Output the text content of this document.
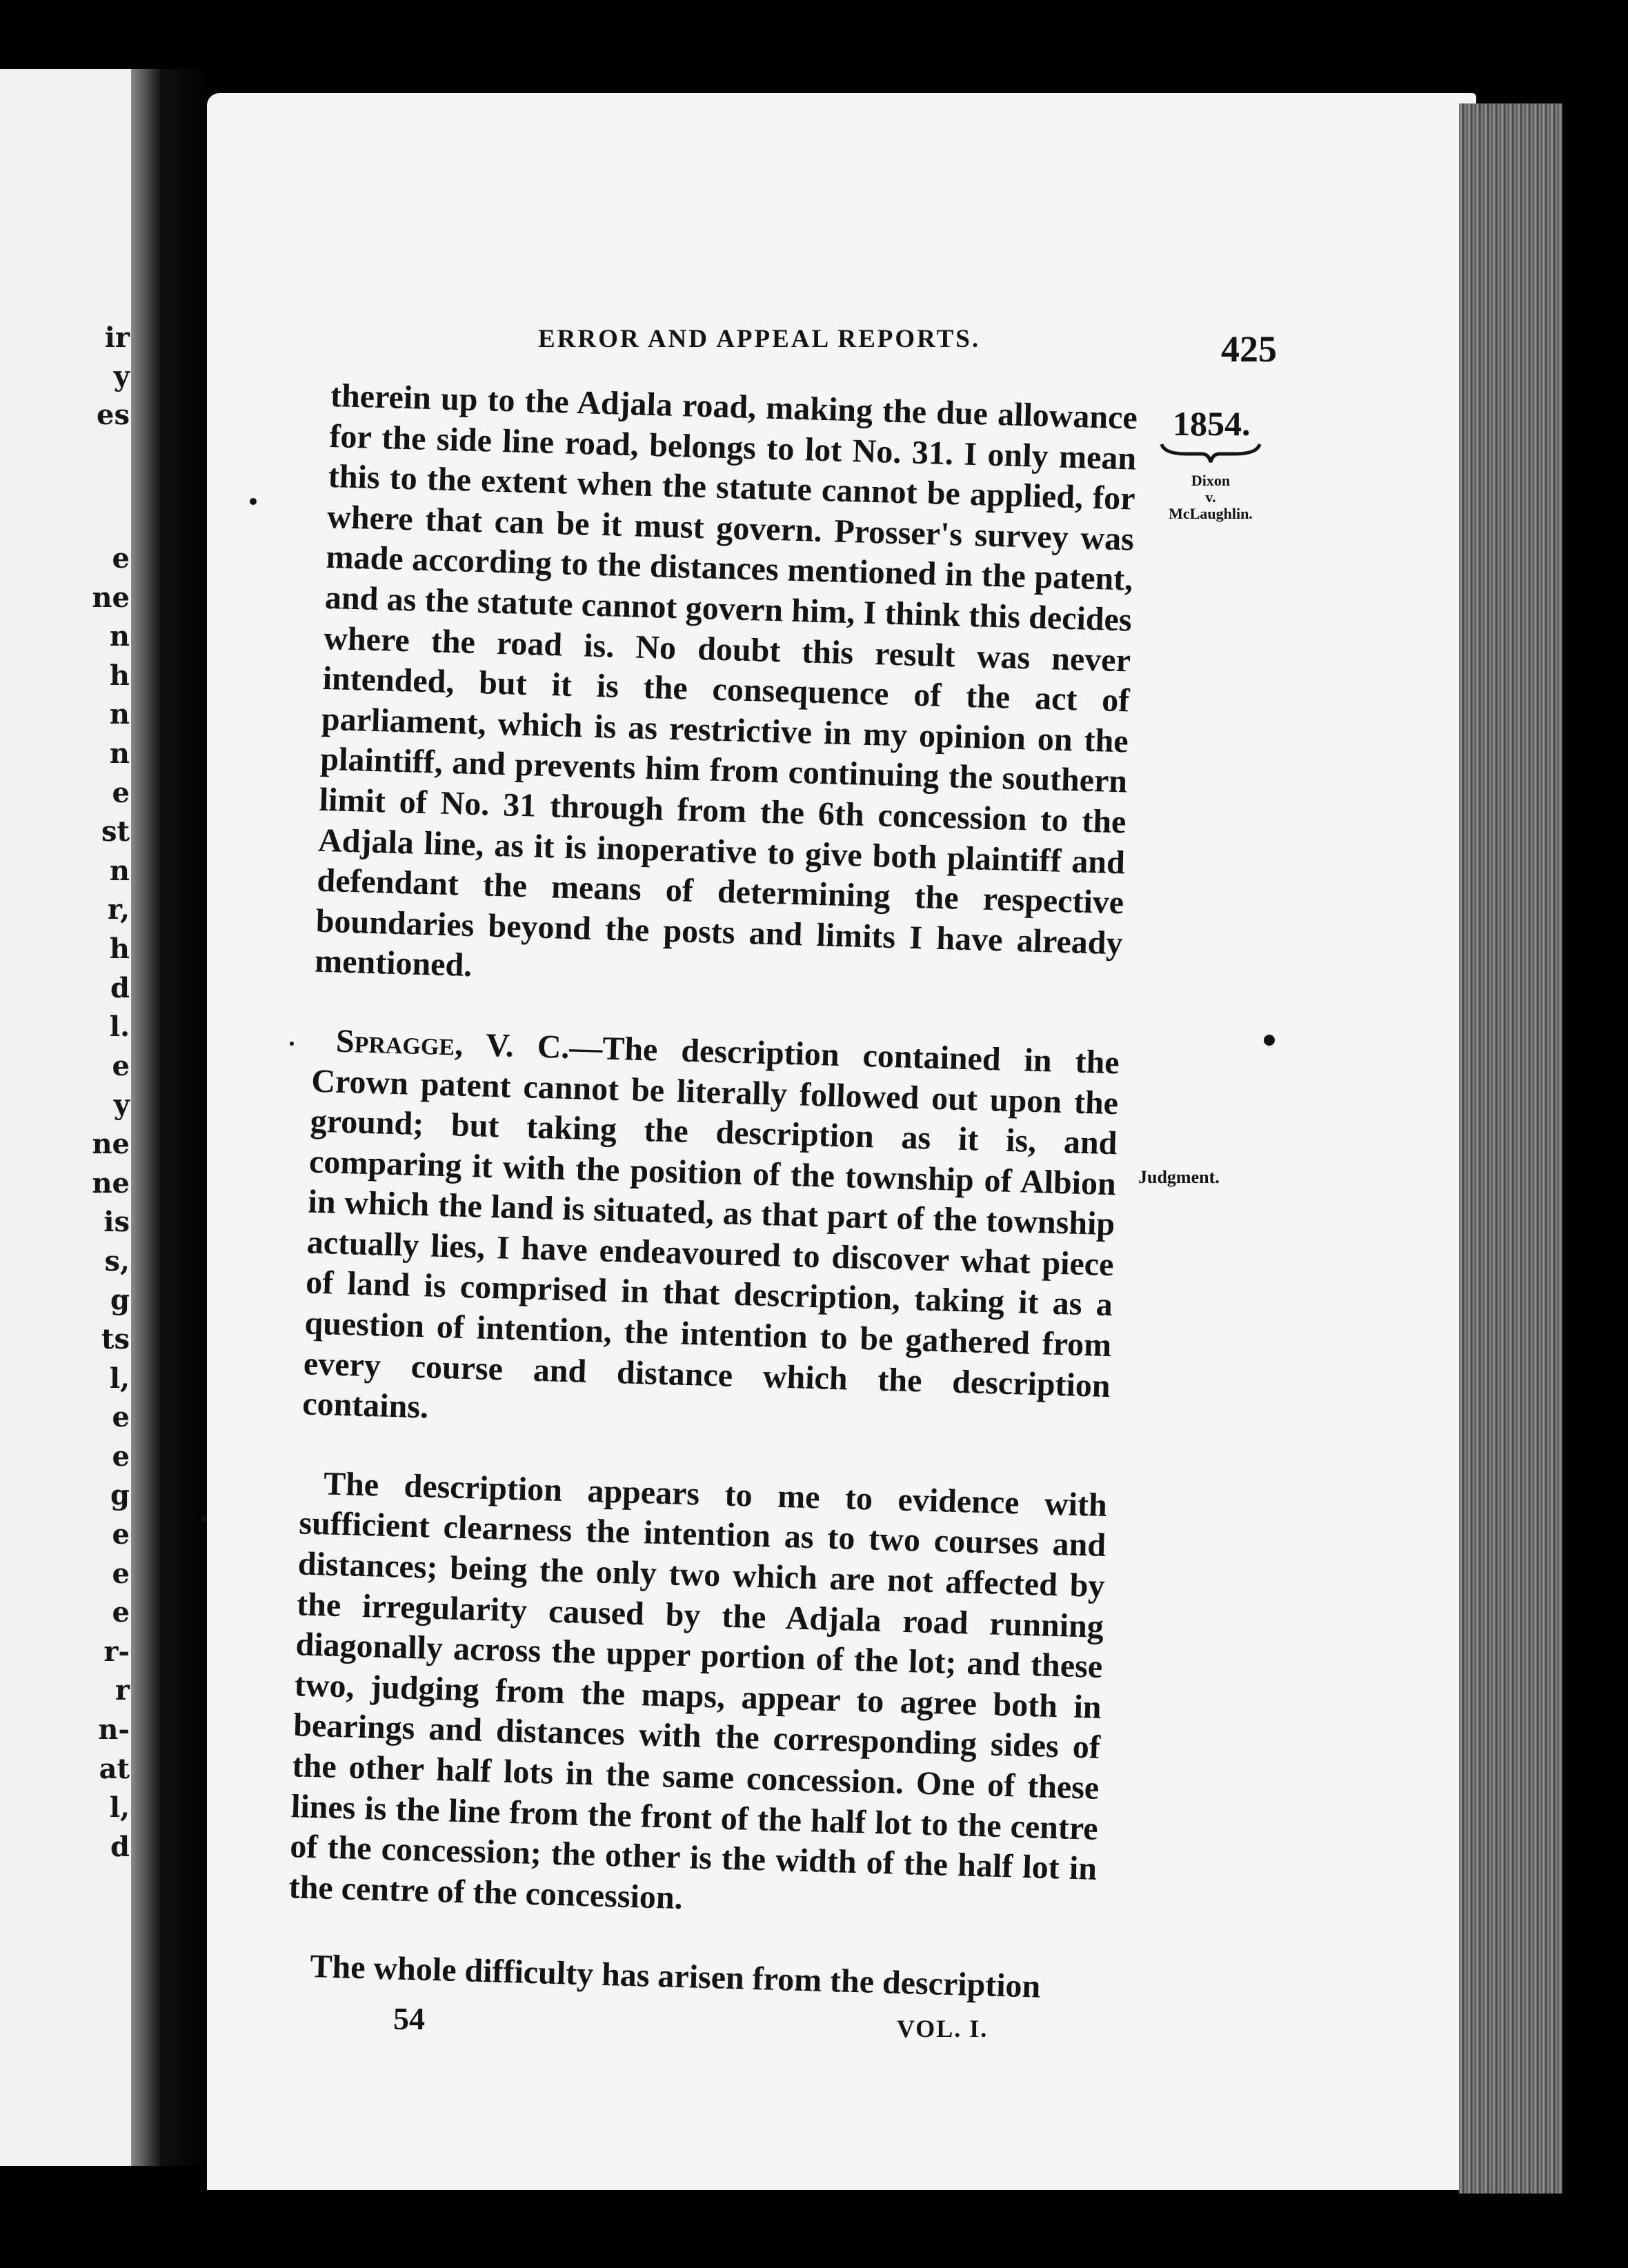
ir
y
es
e
ne
n
h
n
n
e
st
n
r,
h
d
l.
e
y
ne
ne
is
s,
g
ts
l,
e
e
g
e
e
e
r-
r
n-
at
l,
d
ERROR AND APPEAL REPORTS.	425
1854.
Dixon
v.
McLaughlin.
Judgment.

therein up to the Adjala road, making the due allowance for the side line road, belongs to lot No. 31. I only mean this to the extent when the statute cannot be applied, for where that can be it must govern. Prosser's survey was made according to the distances mentioned in the patent, and as the statute cannot govern him, I think this decides where the road is. No doubt this result was never intended, but it is the consequence of the act of parliament, which is as restrictive in my opinion on the plaintiff, and prevents him from continuing the southern limit of No. 31 through from the 6th concession to the Adjala line, as it is inoperative to give both plaintiff and defendant the means of determining the respective boundaries beyond the posts and limits I have already mentioned.

Spragge, V. C.—The description contained in the Crown patent cannot be literally followed out upon the ground; but taking the description as it is, and comparing it with the position of the township of Albion in which the land is situated, as that part of the township actually lies, I have endeavoured to discover what piece of land is comprised in that description, taking it as a question of intention, the intention to be gathered from every course and distance which the description contains.

The description appears to me to evidence with sufficient clearness the intention as to two courses and distances; being the only two which are not affected by the irregularity caused by the Adjala road running diagonally across the upper portion of the lot; and these two, judging from the maps, appear to agree both in bearings and distances with the corresponding sides of the other half lots in the same concession. One of these lines is the line from the front of the half lot to the centre of the concession; the other is the width of the half lot in the centre of the concession.

The whole difficulty has arisen from the description

54	VOL. I.
